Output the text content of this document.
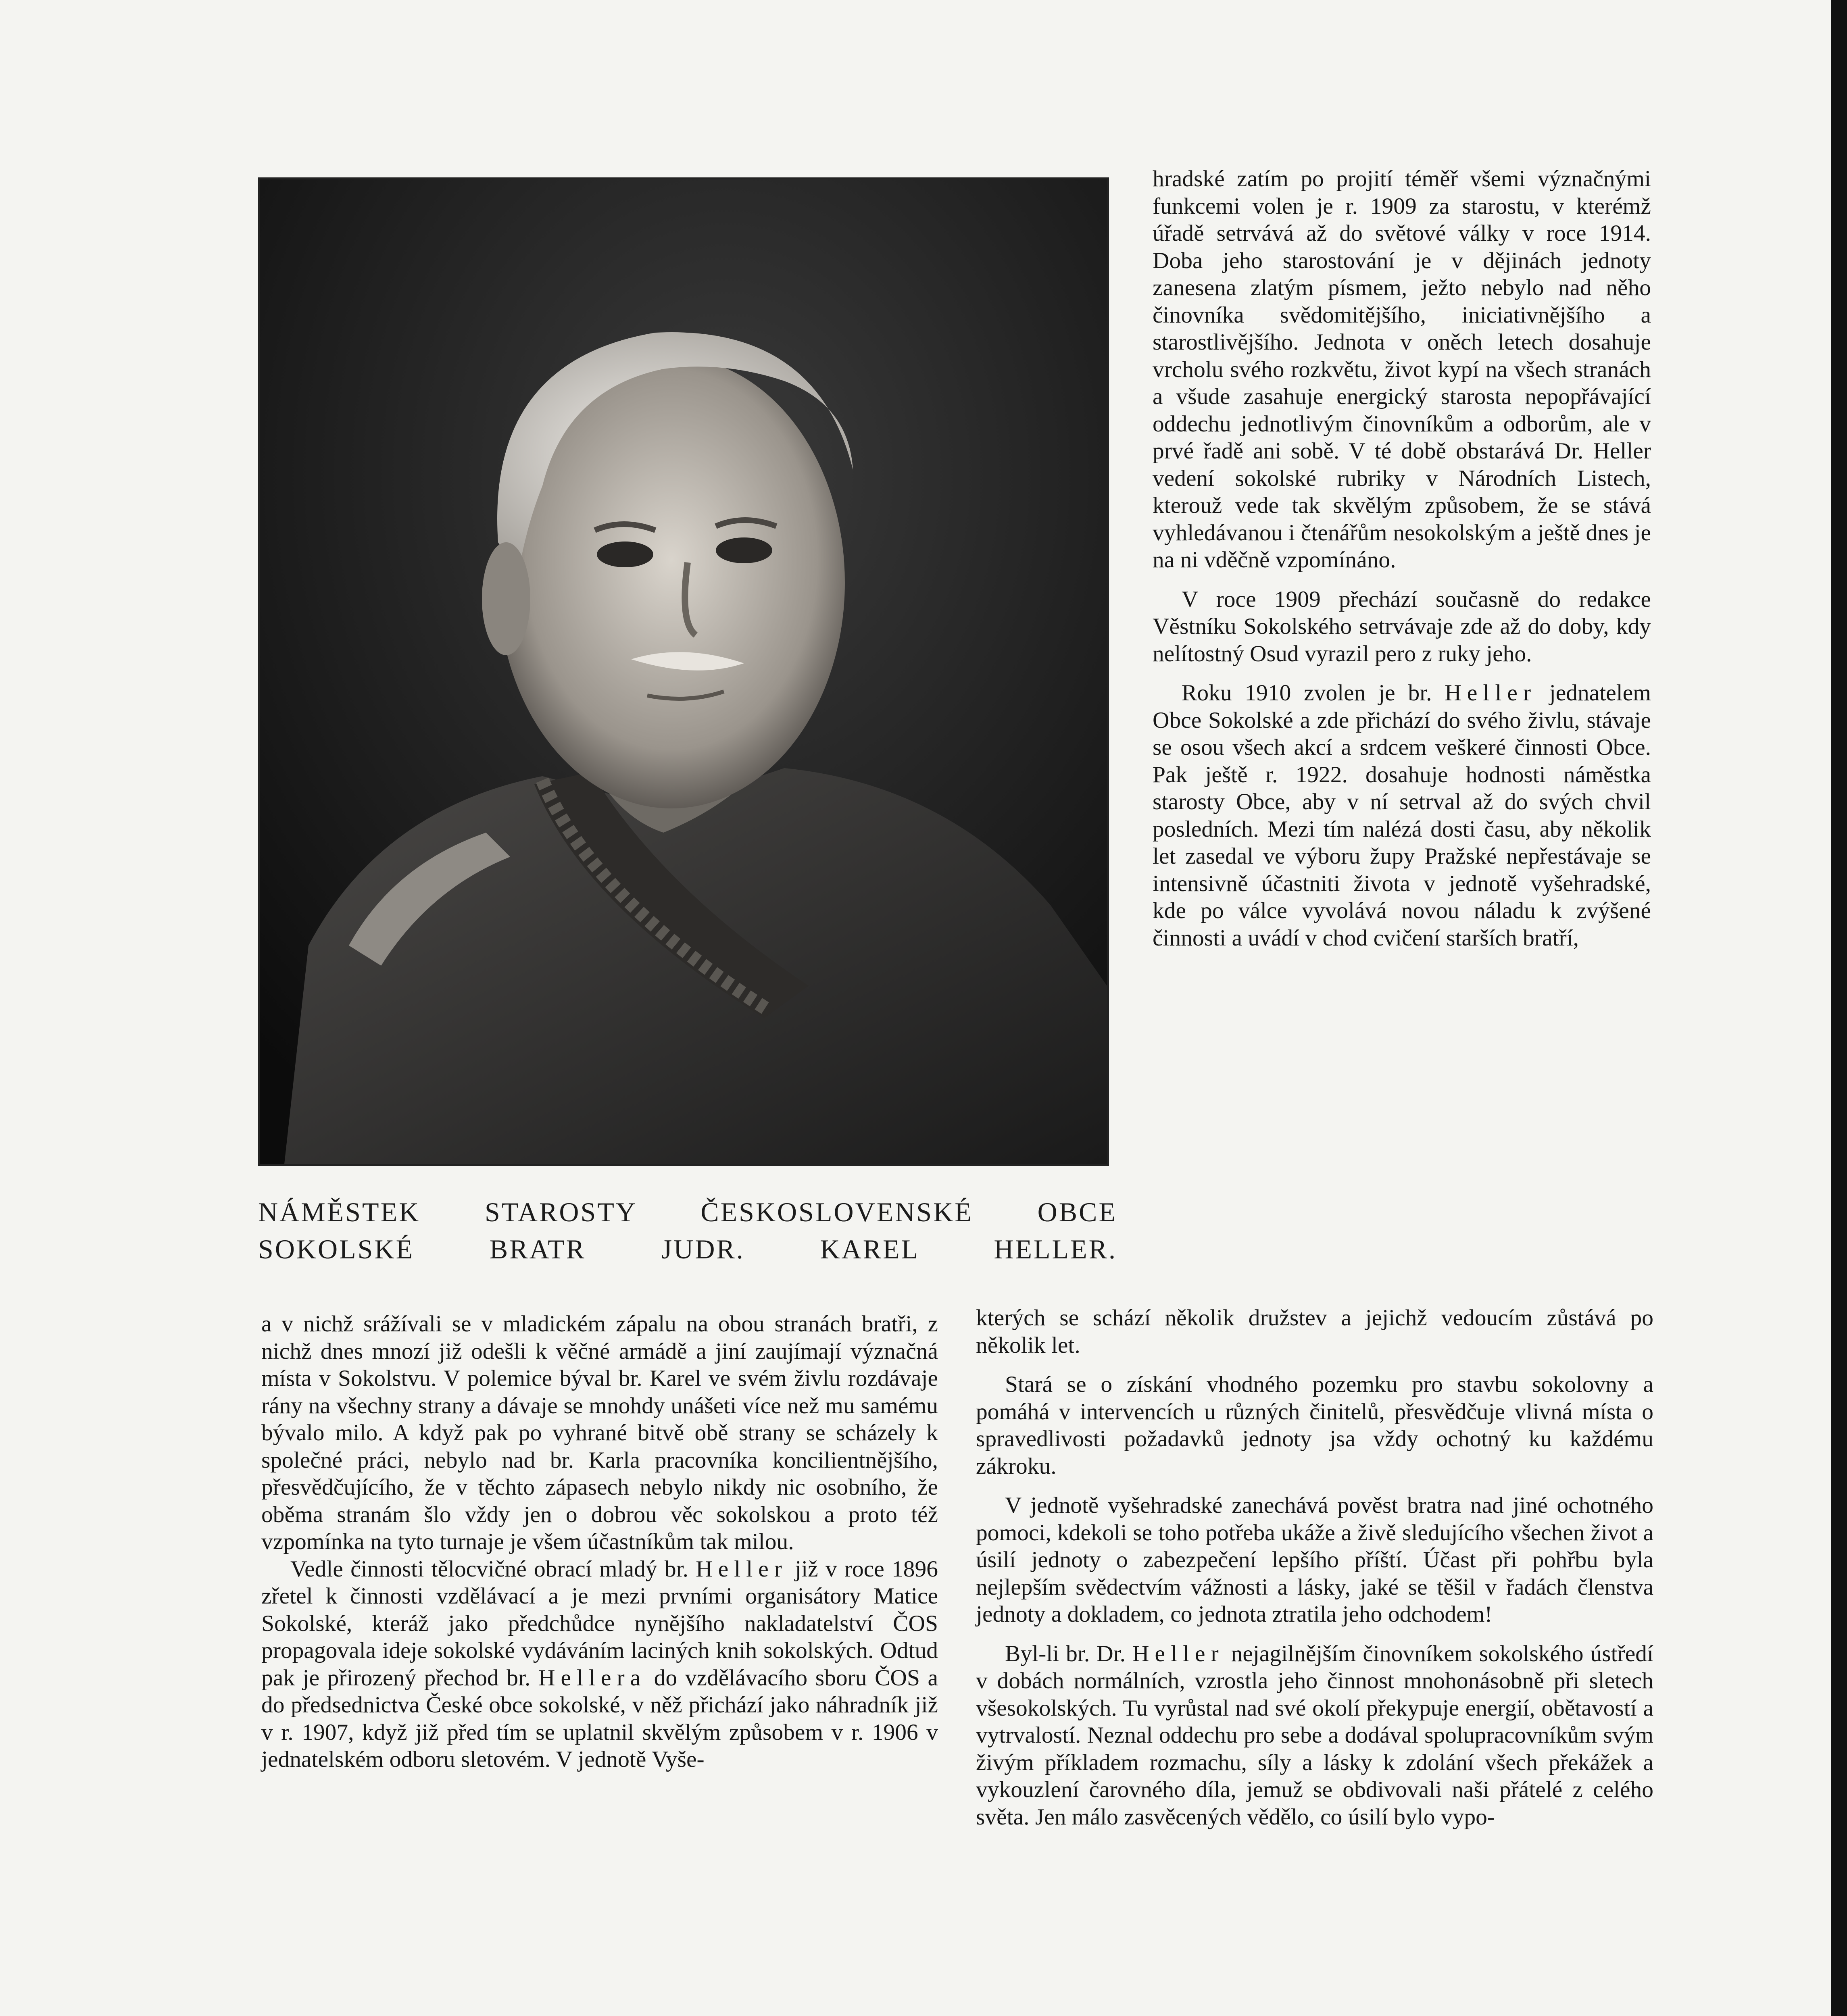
NÁMĚSTEK STAROSTY ČESKOSLOVENSKÉ OBCE
SOKOLSKÉ BRATR JUDR. KAREL HELLER.

hradské zatím po projití téměř všemi význačnými funkcemi volen je r. 1909 za starostu, v kterémž úřadě setrvává až do světové války v roce 1914. Doba jeho starostování je v dějinách jednoty zanesena zlatým písmem, ježto nebylo nad něho činovníka svědomitějšího, iniciativnějšího a starostlivějšího. Jednota v oněch letech dosahuje vrcholu svého rozkvětu, život kypí na všech stranách a všude zasahuje energický starosta nepopřávající oddechu jednotlivým činovníkům a odborům, ale v prvé řadě ani sobě. V té době obstarává Dr. Heller vedení sokolské rubriky v Národních Listech, kterouž vede tak skvělým způsobem, že se stává vyhledávanou i čtenářům nesokolským a ještě dnes je na ni vděčně vzpomínáno.

V roce 1909 přechází současně do redakce Věstníku Sokolského setrvávaje zde až do doby, kdy nelítostný Osud vyrazil pero z ruky jeho.

Roku 1910 zvolen je br. Heller jednatelem Obce Sokolské a zde přichází do svého živlu, stávaje se osou všech akcí a srdcem veškeré činnosti Obce. Pak ještě r. 1922. dosahuje hodnosti náměstka starosty Obce, aby v ní setrval až do svých chvil posledních. Mezi tím nalézá dosti času, aby několik let zasedal ve výboru župy Pražské nepřestávaje se intensivně účastniti života v jednotě vyšehradské, kde po válce vyvolává novou náladu k zvýšené činnosti a uvádí v chod cvičení starších bratří,

a v nichž srážívali se v mladickém zápalu na obou stranách bratři, z nichž dnes mnozí již odešli k věčné armádě a jiní zaujímají význačná místa v Sokolstvu. V polemice býval br. Karel ve svém živlu rozdávaje rány na všechny strany a dávaje se mnohdy unášeti více než mu samému bývalo milo. A když pak po vyhrané bitvě obě strany se scházely k společné práci, nebylo nad br. Karla pracovníka koncilientnějšího, přesvědčujícího, že v těchto zápasech nebylo nikdy nic osobního, že oběma stranám šlo vždy jen o dobrou věc sokolskou a proto též vzpomínka na tyto turnaje je všem účastníkům tak milou.

Vedle činnosti tělocvičné obrací mladý br. Heller již v roce 1896 zřetel k činnosti vzdělávací a je mezi prvními organisátory Matice Sokolské, kteráž jako předchůdce nynějšího nakladatelství ČOS propagovala ideje sokolské vydáváním laciných knih sokolských. Odtud pak je přirozený přechod br. Hellera do vzdělávacího sboru ČOS a do předsednictva České obce sokolské, v něž přichází jako náhradník již v r. 1907, když již před tím se uplatnil skvělým způsobem v r. 1906 v jednatelském odboru sletovém. V jednotě Vyše-

kterých se schází několik družstev a jejichž vedoucím zůstává po několik let.

Stará se o získání vhodného pozemku pro stavbu sokolovny a pomáhá v intervencích u různých činitelů, přesvědčuje vlivná místa o spravedlivosti požadavků jednoty jsa vždy ochotný ku každému zákroku.

V jednotě vyšehradské zanechává pověst bratra nad jiné ochotného pomoci, kdekoli se toho potřeba ukáže a živě sledujícího všechen život a úsilí jednoty o zabezpečení lepšího příští. Účast při pohřbu byla nejlepším svědectvím vážnosti a lásky, jaké se těšil v řadách členstva jednoty a dokladem, co jednota ztratila jeho odchodem!

Byl-li br. Dr. Heller nejagilnějším činovníkem sokolského ústředí v dobách normálních, vzrostla jeho činnost mnohonásobně při sletech všesokolských. Tu vyrůstal nad své okolí překypuje energií, obětavostí a vytrvalostí. Neznal oddechu pro sebe a dodával spolupracovníkům svým živým příkladem rozmachu, síly a lásky k zdolání všech překážek a vykouzlení čarovného díla, jemuž se obdivovali naši přátelé z celého světa. Jen málo zasvěcených vědělo, co úsilí bylo vypo-
